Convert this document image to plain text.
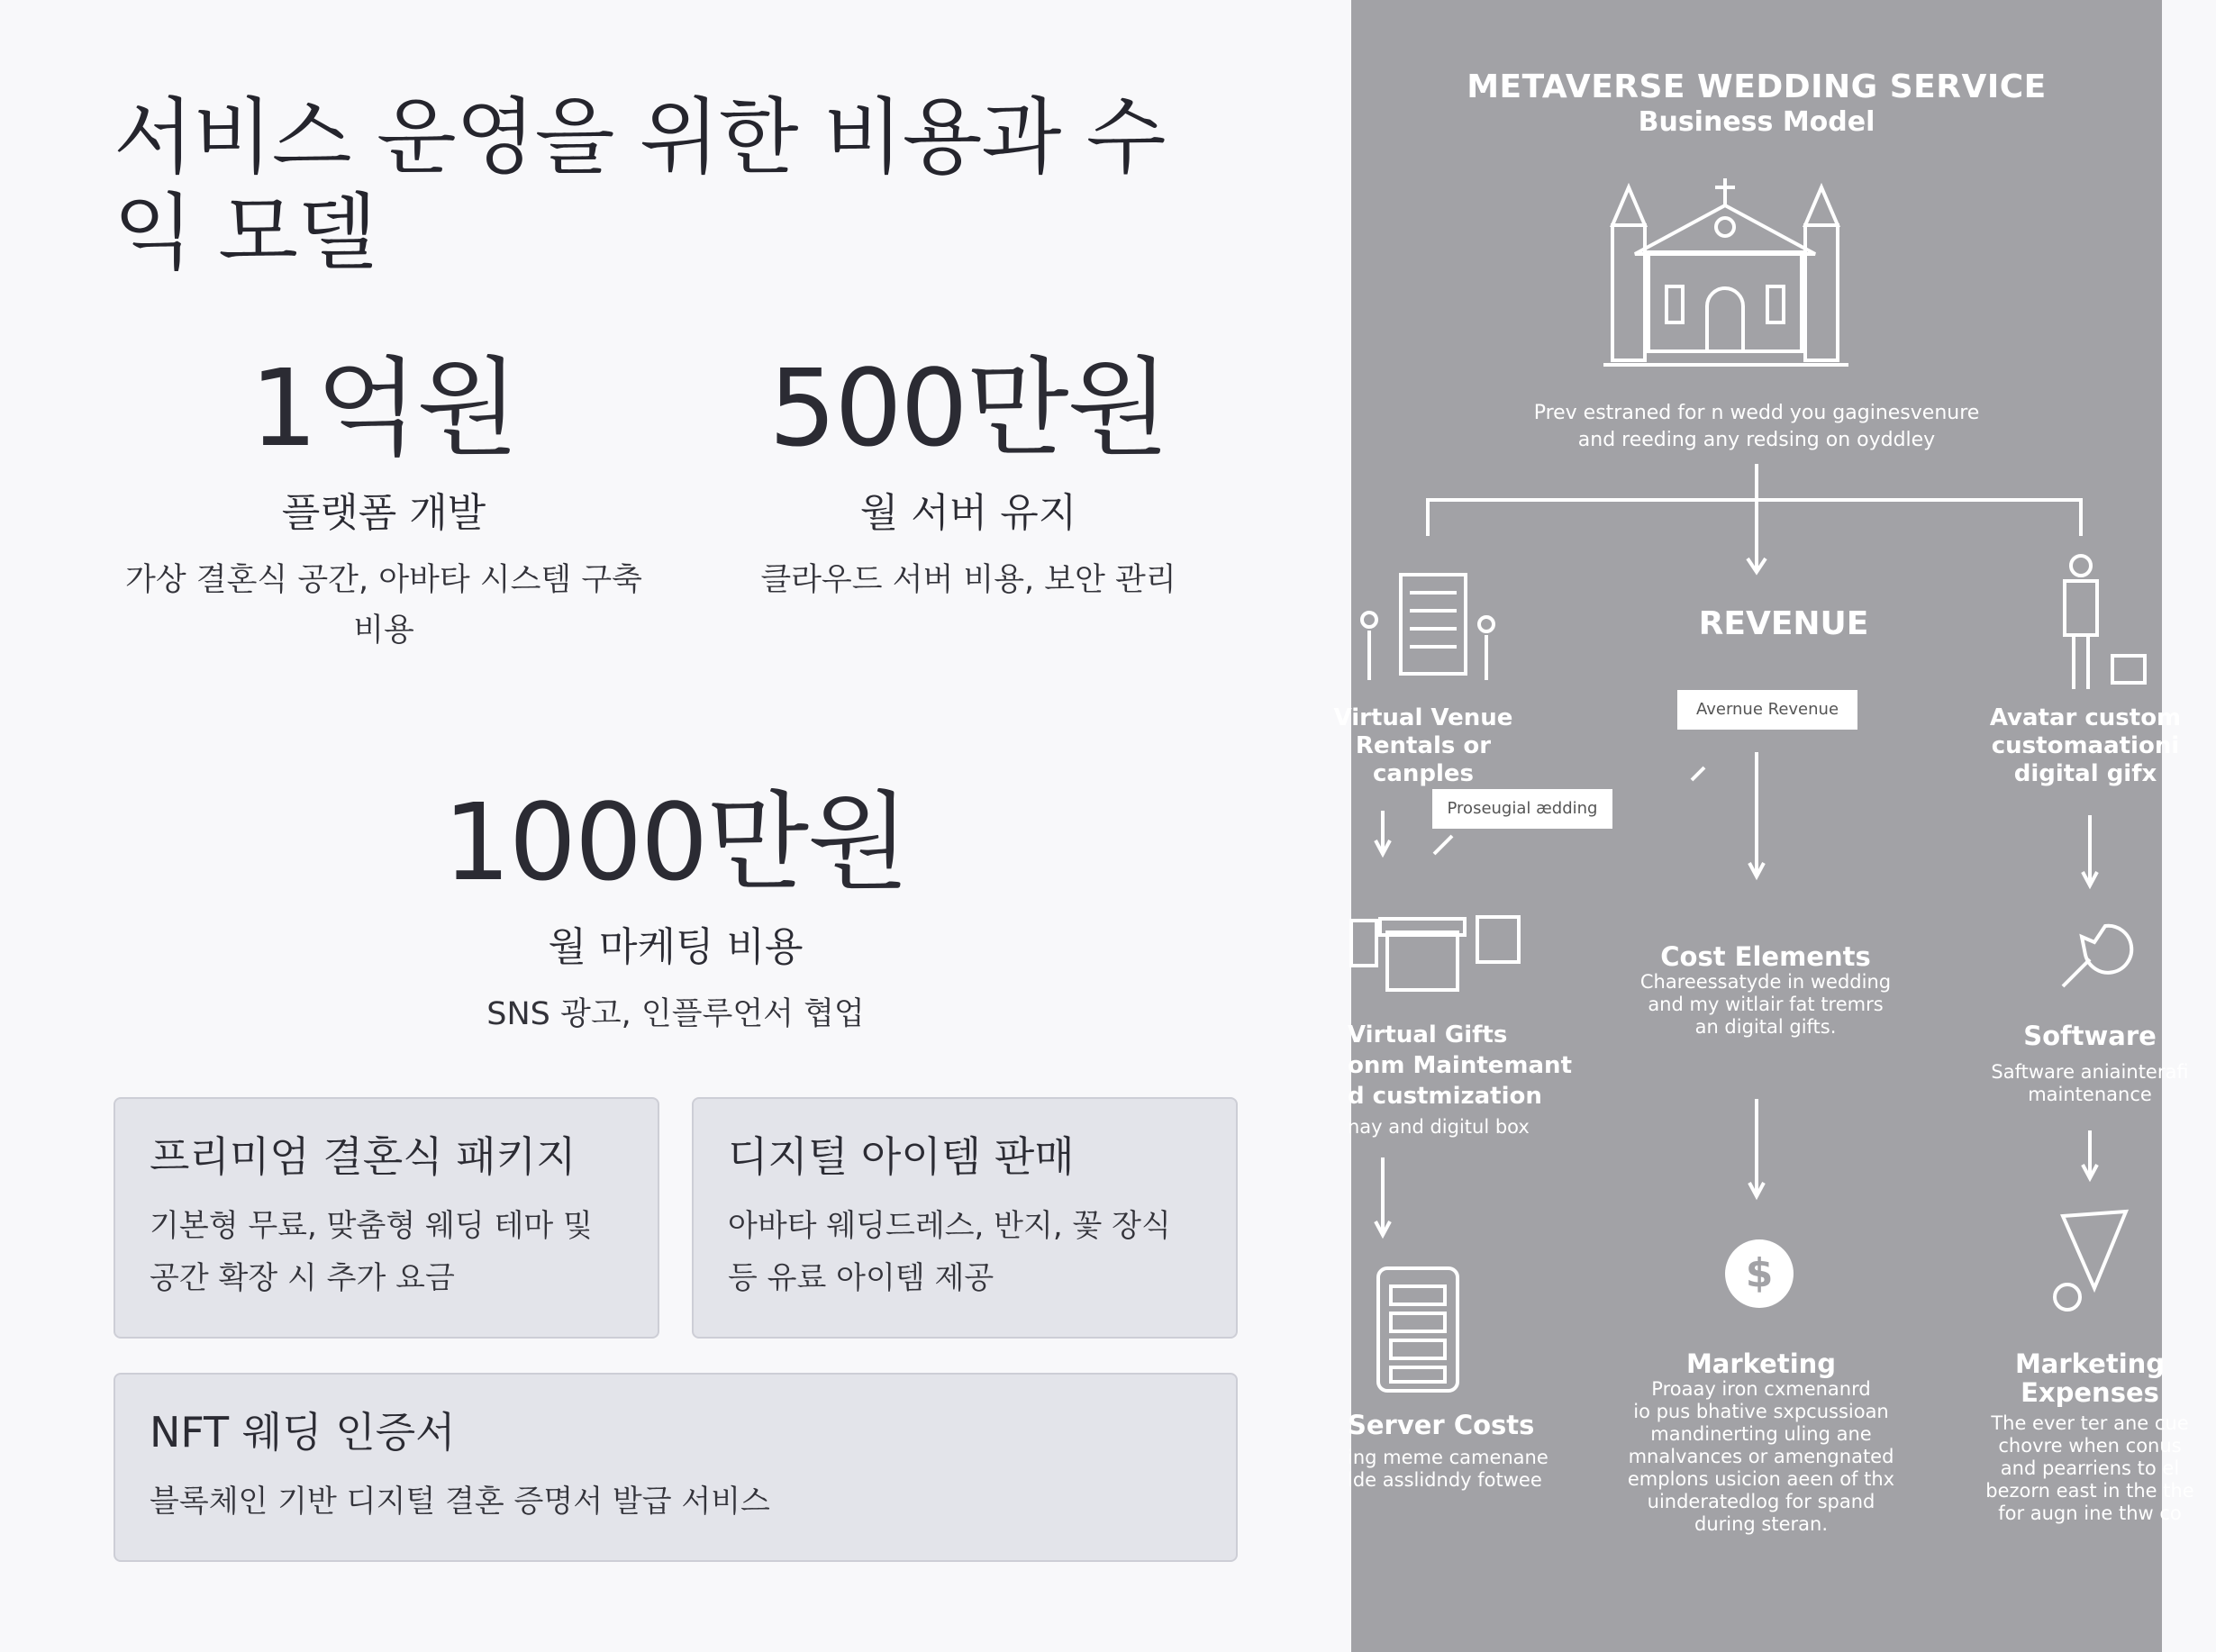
서비스 운영을 위한 비용과 수익 모델
1억원
플랫폼 개발
가상 결혼식 공간, 아바타 시스템 구축 비용
500만원
월 서버 유지
클라우드 서버 비용, 보안 관리
1000만원
월 마케팅 비용
SNS 광고, 인플루언서 협업
프리미엄 결혼식 패키지
기본형 무료, 맞춤형 웨딩 테마 및 공간 확장 시 추가 요금
디지털 아이템 판매
아바타 웨딩드레스, 반지, 꽃 장식 등 유료 아이템 제공
NFT 웨딩 인증서
블록체인 기반 디지털 결혼 증명서 발급 서비스
METAVERSE WEDDING SERVICE
Business Model
Prev estraned for n wedd you gaginesvenure
and reeding any redsing on oyddley
REVENUE
Avernue Revenue
Proseugial ædding
Virtual Venue
Rentals or
canples
Avatar custom
customaationi
digital gifx
Virtual Gifts
onm Maintemant
d custmization
nay and digitul box
Cost Elements
Chareessatyde in wedding
and my witlair fat tremrs
an digital gifts.	Software
Saftware aniainterafi
maintenance
Server Costs
ing meme camenane
lde asslidndy fotwee
$
Marketing
Proaay iron cxmenanrd
io pus bhative sxpcussioan
mandinerting uling ane
mnalvances or amengnated
emplons usicion aeen of thx
uinderatedlog for spand
during steran.
Marketing
Expenses
The ever ter ane cue
chovre when conus
and pearriens to el
bezorn east in the the
for augn ine thw co
